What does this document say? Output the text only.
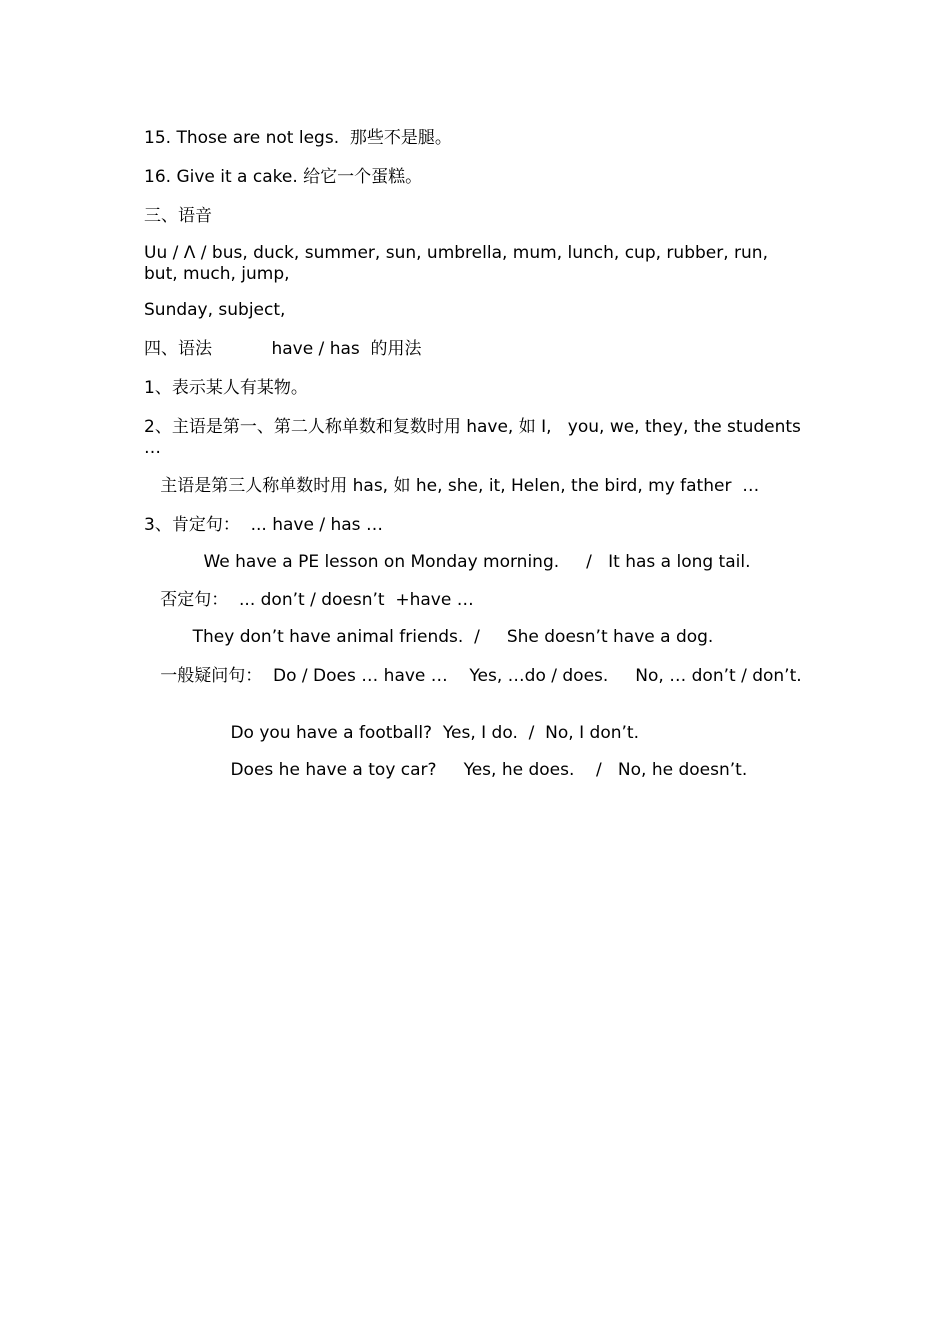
15. Those are not legs.  那些不是腿。
16. Give it a cake. 给它一个蛋糕。
三、语音
Uu / Λ / bus, duck, summer, sun, umbrella, mum, lunch, cup, rubber, run, but, much, jump,
Sunday, subject,
四、语法           have / has  的用法
1、表示某人有某物。
2、主语是第一、第二人称单数和复数时用 have, 如 I,   you, we, they, the students …
主语是第三人称单数时用 has, 如 he, she, it, Helen, the bird, my father  …
3、肯定句：  ... have / has …
We have a PE lesson on Monday morning.     /   It has a long tail.
否定句：  ... don’t / doesn’t  +have …
They don’t have animal friends.  /     She doesn’t have a dog.
一般疑问句：  Do / Does … have …    Yes, …do / does.     No, … don’t / don’t.
Do you have a football?  Yes, I do.  /  No, I don’t.
Does he have a toy car?     Yes, he does.    /   No, he doesn’t.
